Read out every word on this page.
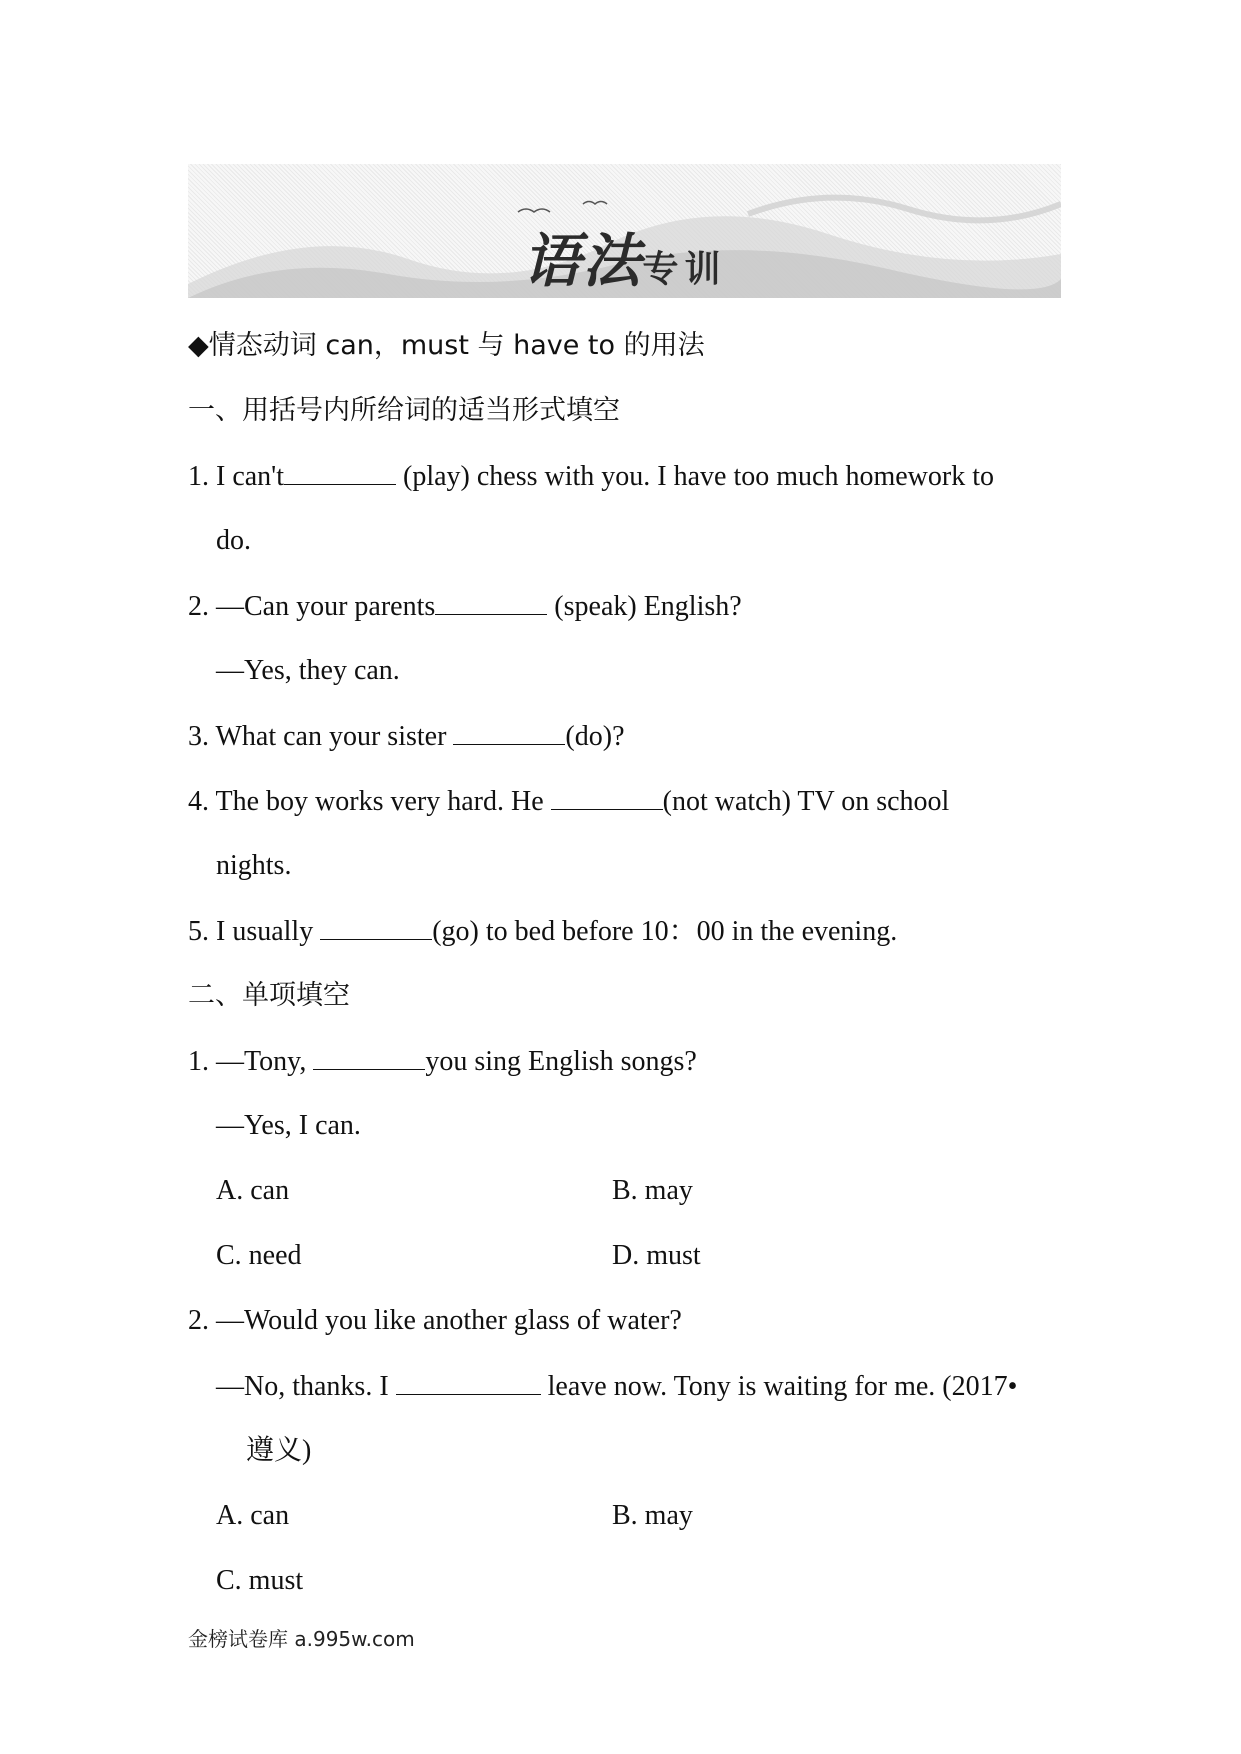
语法专训
◆情态动词 can，must 与 have to 的用法
一、用括号内所给词的适当形式填空
1. I can't	(play) chess with you. I have too much homework to
do.
2. —Can your parents	(speak) English?
—Yes, they can.
3. What can your sister	(do)?
4. The boy works very hard. He	(not watch) TV on school
nights.
5. I usually	(go) to bed before 10：00 in the evening.
二、单项填空
1. —Tony,	you sing English songs?
—Yes, I can.
A. can	B. may
C. need	D. must
2. —Would you like another glass of water?
—No, thanks. I	leave now. Tony is waiting for me. (2017•
遵义)
A. can	B. may
C. must
金榜试卷库 a.995w.com
